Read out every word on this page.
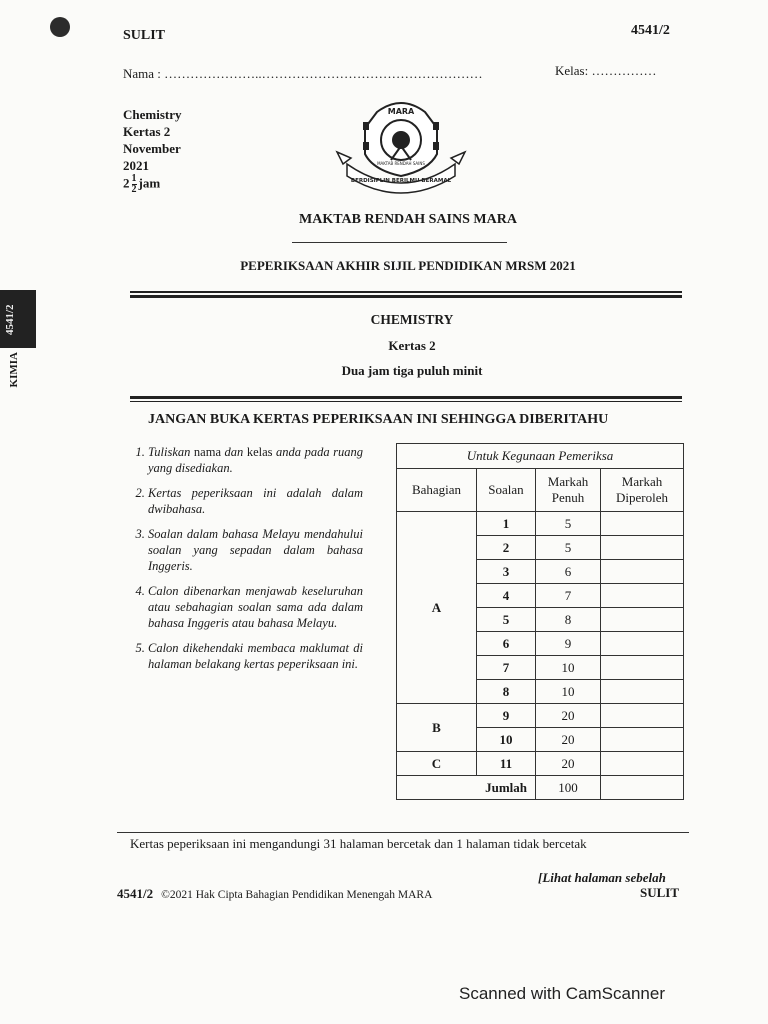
4541/2
KIMIA
SULIT	4541/2
Nama : …………………..……………………………………………	Kelas: ……………
Chemistry
Kertas 2
November
2021
$2 \frac{1}{2}$ jam
MARA
BERDISIPLIN BERILMU BERAMAL
MAKTAB RENDAH SAINS
MAKTAB RENDAH SAINS MARA
PEPERIKSAAN AKHIR SIJIL PENDIDIKAN MRSM 2021
CHEMISTRY
Kertas 2
Dua jam tiga puluh minit
JANGAN BUKA KERTAS PEPERIKSAAN INI SEHINGGA DIBERITAHU
1. Tuliskan nama dan kelas anda pada ruang yang disediakan.
2. Kertas peperiksaan ini adalah dalam dwibahasa.
3. Soalan dalam bahasa Melayu mendahului soalan yang sepadan dalam bahasa Inggeris.
4. Calon dibenarkan menjawab keseluruhan atau sebahagian soalan sama ada dalam bahasa Inggeris atau bahasa Melayu.
5. Calon dikehendaki membaca maklumat di halaman belakang kertas peperiksaan ini.
Untuk Kegunaan Pemeriksa			
Bahagian	Soalan	Markah Penuh	Markah Diperoleh
A	1	5	
	2	5	
	3	6	
	4	7	
	5	8	
	6	9	
	7	10	
	8	10	
B	9	20	
	10	20	
C	11	20	
Jumlah		100	
Kertas peperiksaan ini mengandungi 31 halaman bercetak dan 1 halaman tidak bercetak
[Lihat halaman sebelah
4541/2 ©2021 Hak Cipta Bahagian Pendidikan Menengah MARA	SULIT
Scanned with CamScanner
